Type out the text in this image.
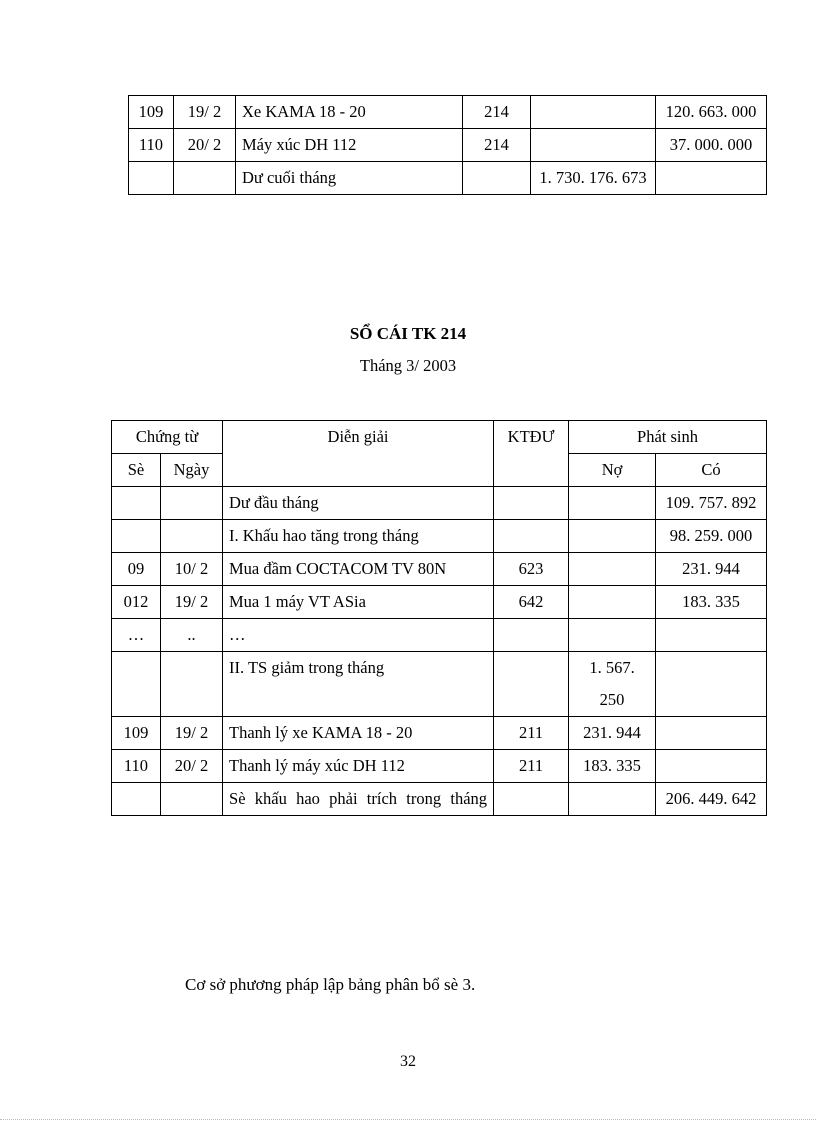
109	19/ 2	Xe KAMA 18 - 20	214		120. 663. 000
110	20/ 2	Máy xúc DH 112	214		37. 000. 000
		Dư cuối tháng		1. 730. 176. 673	
SỔ CÁI TK 214
Tháng 3/ 2003
Chứng từ		Diễn giải	KTĐƯ	Phát sinh	
Sè	Ngày			Nợ	Có
		Dư đầu tháng			109. 757. 892
		I. Khấu hao tăng trong tháng			98. 259. 000
09	10/ 2	Mua đầm COCTACOM TV 80N	623		231. 944
012	19/ 2	Mua 1 máy VT ASia	642		183. 335
…	..	…			
		II. TS giảm trong tháng		1. 567. 250	
109	19/ 2	Thanh lý xe KAMA 18 - 20	211	231. 944	
110	20/ 2	Thanh lý máy xúc DH 112	211	183. 335	
		Sè khấu hao phải trích trong tháng			206. 449. 642
Cơ sở phương pháp lập bảng phân bổ sè 3.
32
